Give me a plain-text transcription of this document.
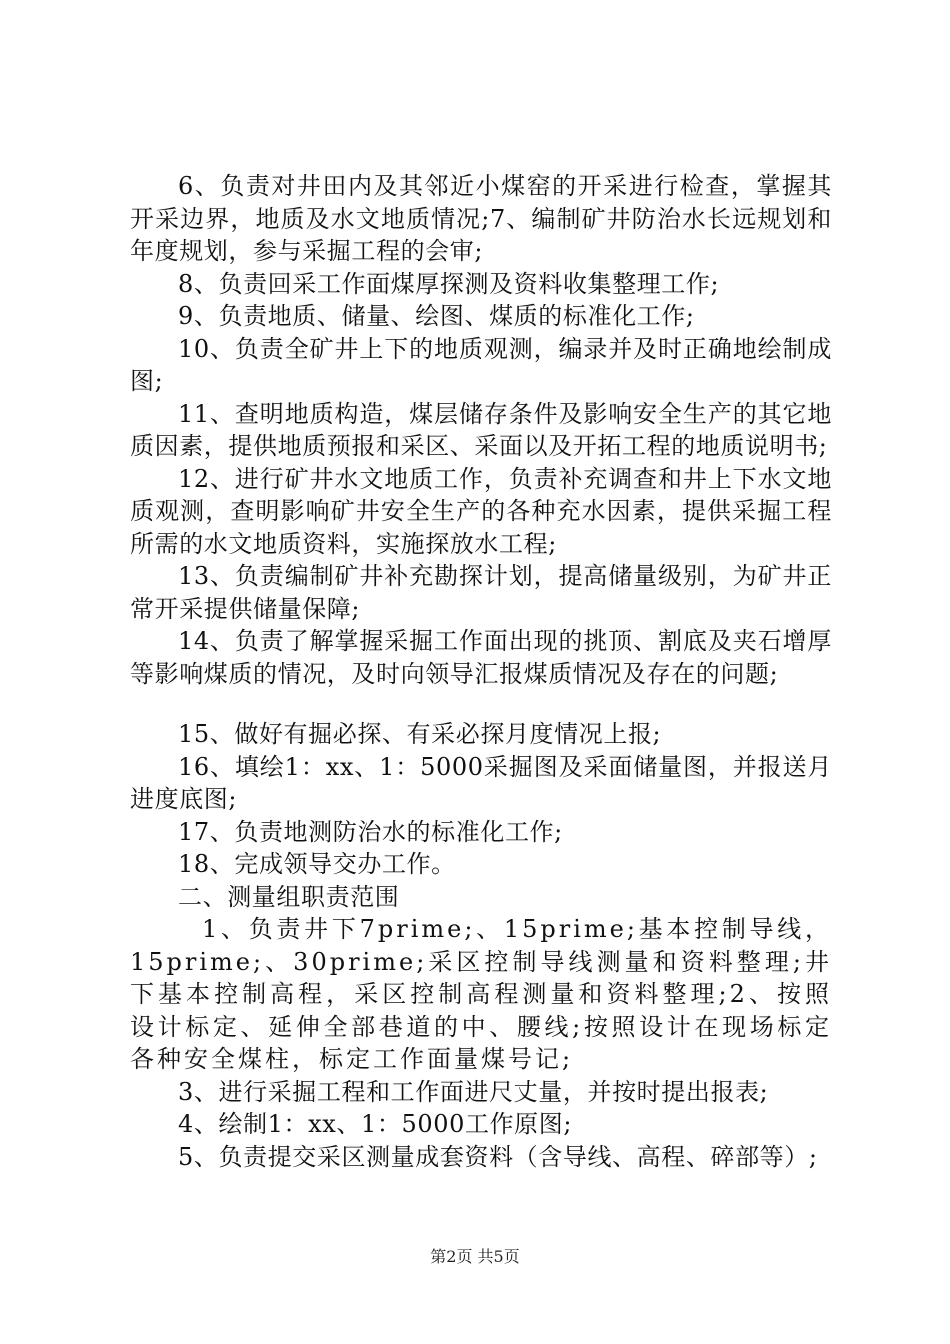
6、负责对井田内及其邻近小煤窑的开采进行检查，掌握其开采边界，地质及水文地质情况;7、编制矿井防治水长远规划和年度规划，参与采掘工程的会审;

8、负责回采工作面煤厚探测及资料收集整理工作;

9、负责地质、储量、绘图、煤质的标准化工作;

10、负责全矿井上下的地质观测，编录并及时正确地绘制成图;

11、查明地质构造，煤层储存条件及影响安全生产的其它地质因素，提供地质预报和采区、采面以及开拓工程的地质说明书;

12、进行矿井水文地质工作，负责补充调查和井上下水文地质观测，查明影响矿井安全生产的各种充水因素，提供采掘工程所需的水文地质资料，实施探放水工程;

13、负责编制矿井补充勘探计划，提高储量级别，为矿井正常开采提供储量保障;

14、负责了解掌握采掘工作面出现的挑顶、割底及夹石增厚等影响煤质的情况，及时向领导汇报煤质情况及存在的问题;

15、做好有掘必探、有采必探月度情况上报;

16、填绘1：xx、1：5000采掘图及采面储量图，并报送月进度底图;

17、负责地测防治水的标准化工作;

18、完成领导交办工作。

二、测量组职责范围

1、负责井下7prime;、15prime;基本控制导线，15prime;、30prime;采区控制导线测量和资料整理;井下基本控制高程，采区控制高程测量和资料整理;2、按照设计标定、延伸全部巷道的中、腰线;按照设计在现场标定各种安全煤柱，标定工作面量煤号记;

3、进行采掘工程和工作面进尺丈量，并按时提出报表;

4、绘制1：xx、1：5000工作原图;

5、负责提交采区测量成套资料（含导线、高程、碎部等）;

第2页 共5页
